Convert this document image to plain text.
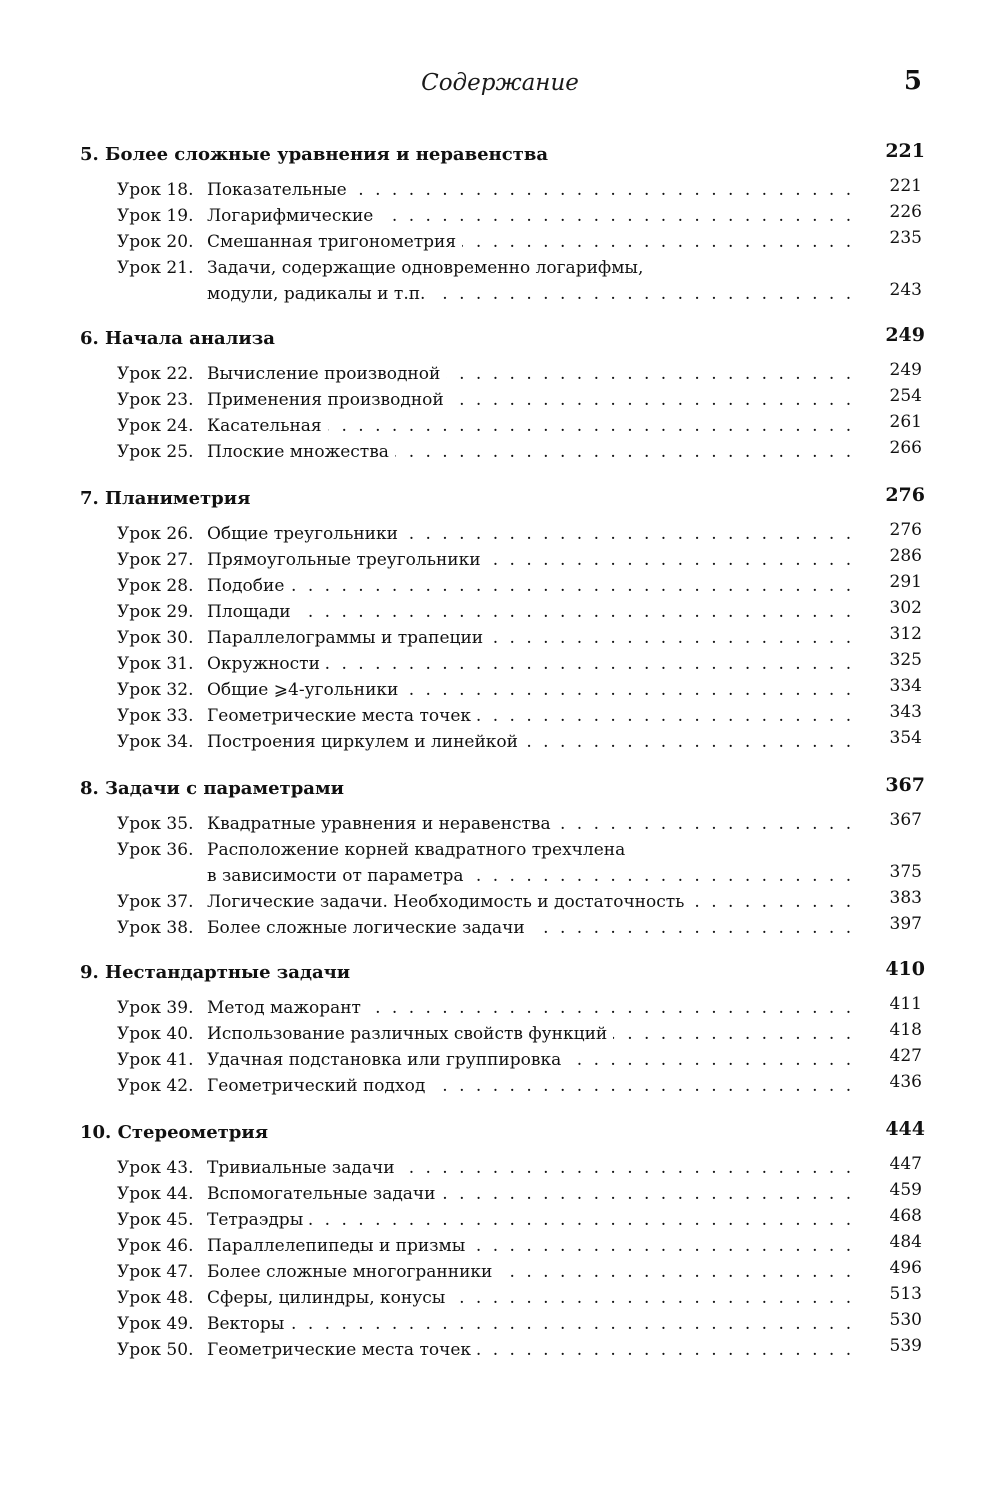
Содержание	5
5. Более сложные уравнения и неравенства	221
Урок 18. Показательные . . .	221
Урок 19. Логарифмические . . .	226
Урок 20. Смешанная тригонометрия . . .	235
Урок 21. Задачи, содержащие одновременно логарифмы,
модули, радикалы и т.п. . . .	243
6. Начала анализа	249
Урок 22. Вычисление производной . . .	249
Урок 23. Применения производной . . .	254
Урок 24. Касательная . . .	261
Урок 25. Плоские множества . . .	266
7. Планиметрия	276
Урок 26. Общие треугольники . . .	276
Урок 27. Прямоугольные треугольники . . .	286
Урок 28. Подобие . . .	291
Урок 29. Площади . . .	302
Урок 30. Параллелограммы и трапеции . . .	312
Урок 31. Окружности . . .	325
Урок 32. Общие ⩾4-угольники . . .	334
Урок 33. Геометрические места точек . . .	343
Урок 34. Построения циркулем и линейкой . . .	354
8. Задачи с параметрами	367
Урок 35. Квадратные уравнения и неравенства . . .	367
Урок 36. Расположение корней квадратного трехчлена
в зависимости от параметра . . .	375
Урок 37. Логические задачи. Необходимость и достаточность . . .	383
Урок 38. Более сложные логические задачи . . .	397
9. Нестандартные задачи	410
Урок 39. Метод мажорант . . .	411
Урок 40. Использование различных свойств функций . . .	418
Урок 41. Удачная подстановка или группировка . . .	427
Урок 42. Геометрический подход . . .	436
10. Стереометрия	444
Урок 43. Тривиальные задачи . . .	447
Урок 44. Вспомогательные задачи . . .	459
Урок 45. Тетраэдры . . .	468
Урок 46. Параллелепипеды и призмы . . .	484
Урок 47. Более сложные многогранники . . .	496
Урок 48. Сферы, цилиндры, конусы . . .	513
Урок 49. Векторы . . .	530
Урок 50. Геометрические места точек . . .	539
